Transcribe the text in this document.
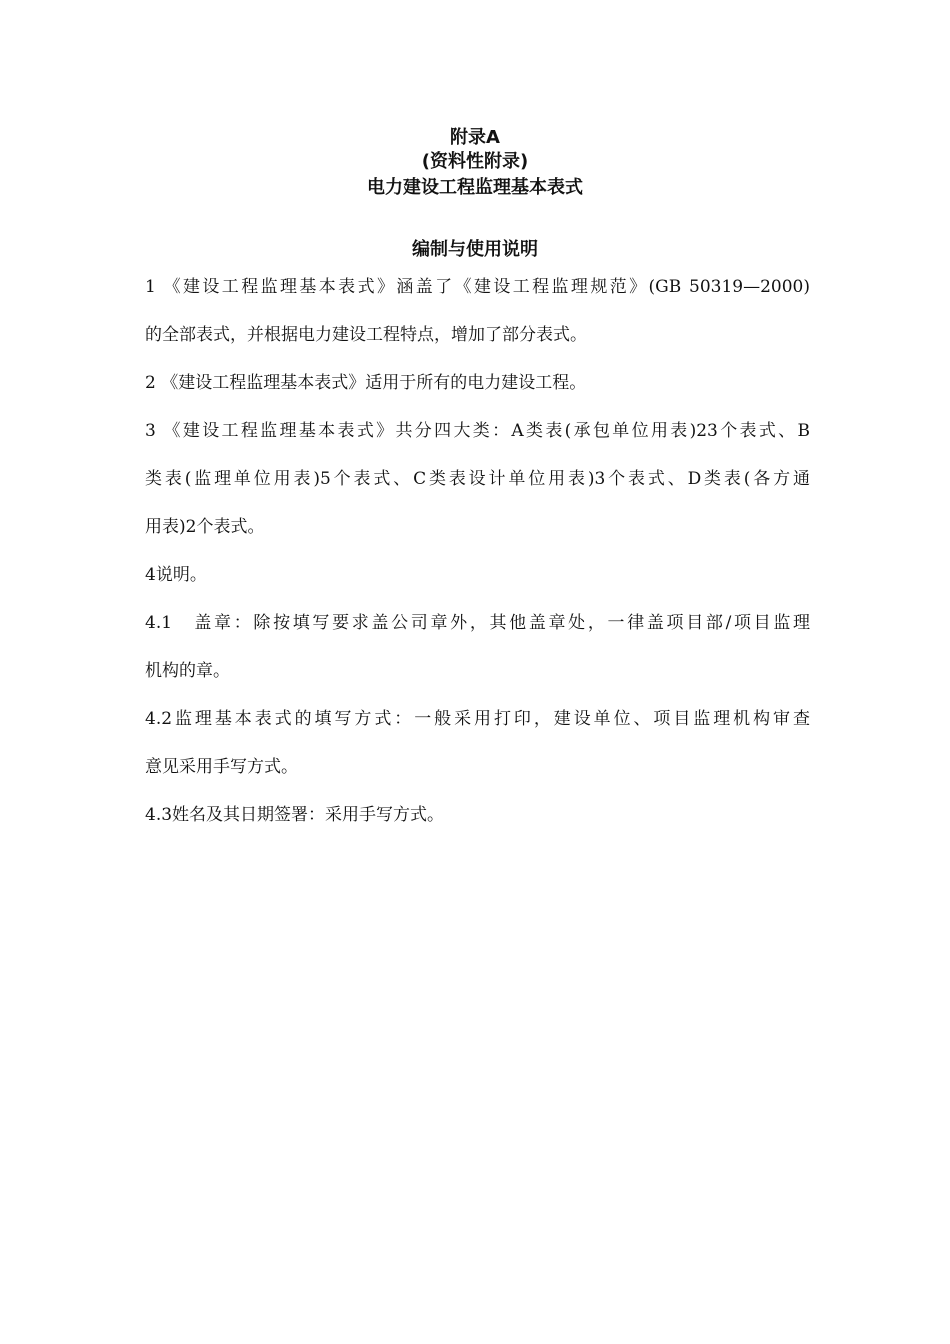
附录A
(资料性附录)
电力建设工程监理基本表式
编制与使用说明
1 《建设工程监理基本表式》涵盖了《建设工程监理规范》(GB 50319—2000)
的全部表式，并根据电力建设工程特点，增加了部分表式。
2 《建设工程监理基本表式》适用于所有的电力建设工程。
3 《建设工程监理基本表式》共分四大类：A类表(承包单位用表)23个表式、B
类表(监理单位用表)5个表式、C类表设计单位用表)3个表式、D类表(各方通
用表)2个表式。
4说明。
4.1　盖章：除按填写要求盖公司章外，其他盖章处，一律盖项目部/项目监理
机构的章。
4.2监理基本表式的填写方式：一般采用打印，建设单位、项目监理机构审查
意见采用手写方式。
4.3姓名及其日期签署：采用手写方式。
